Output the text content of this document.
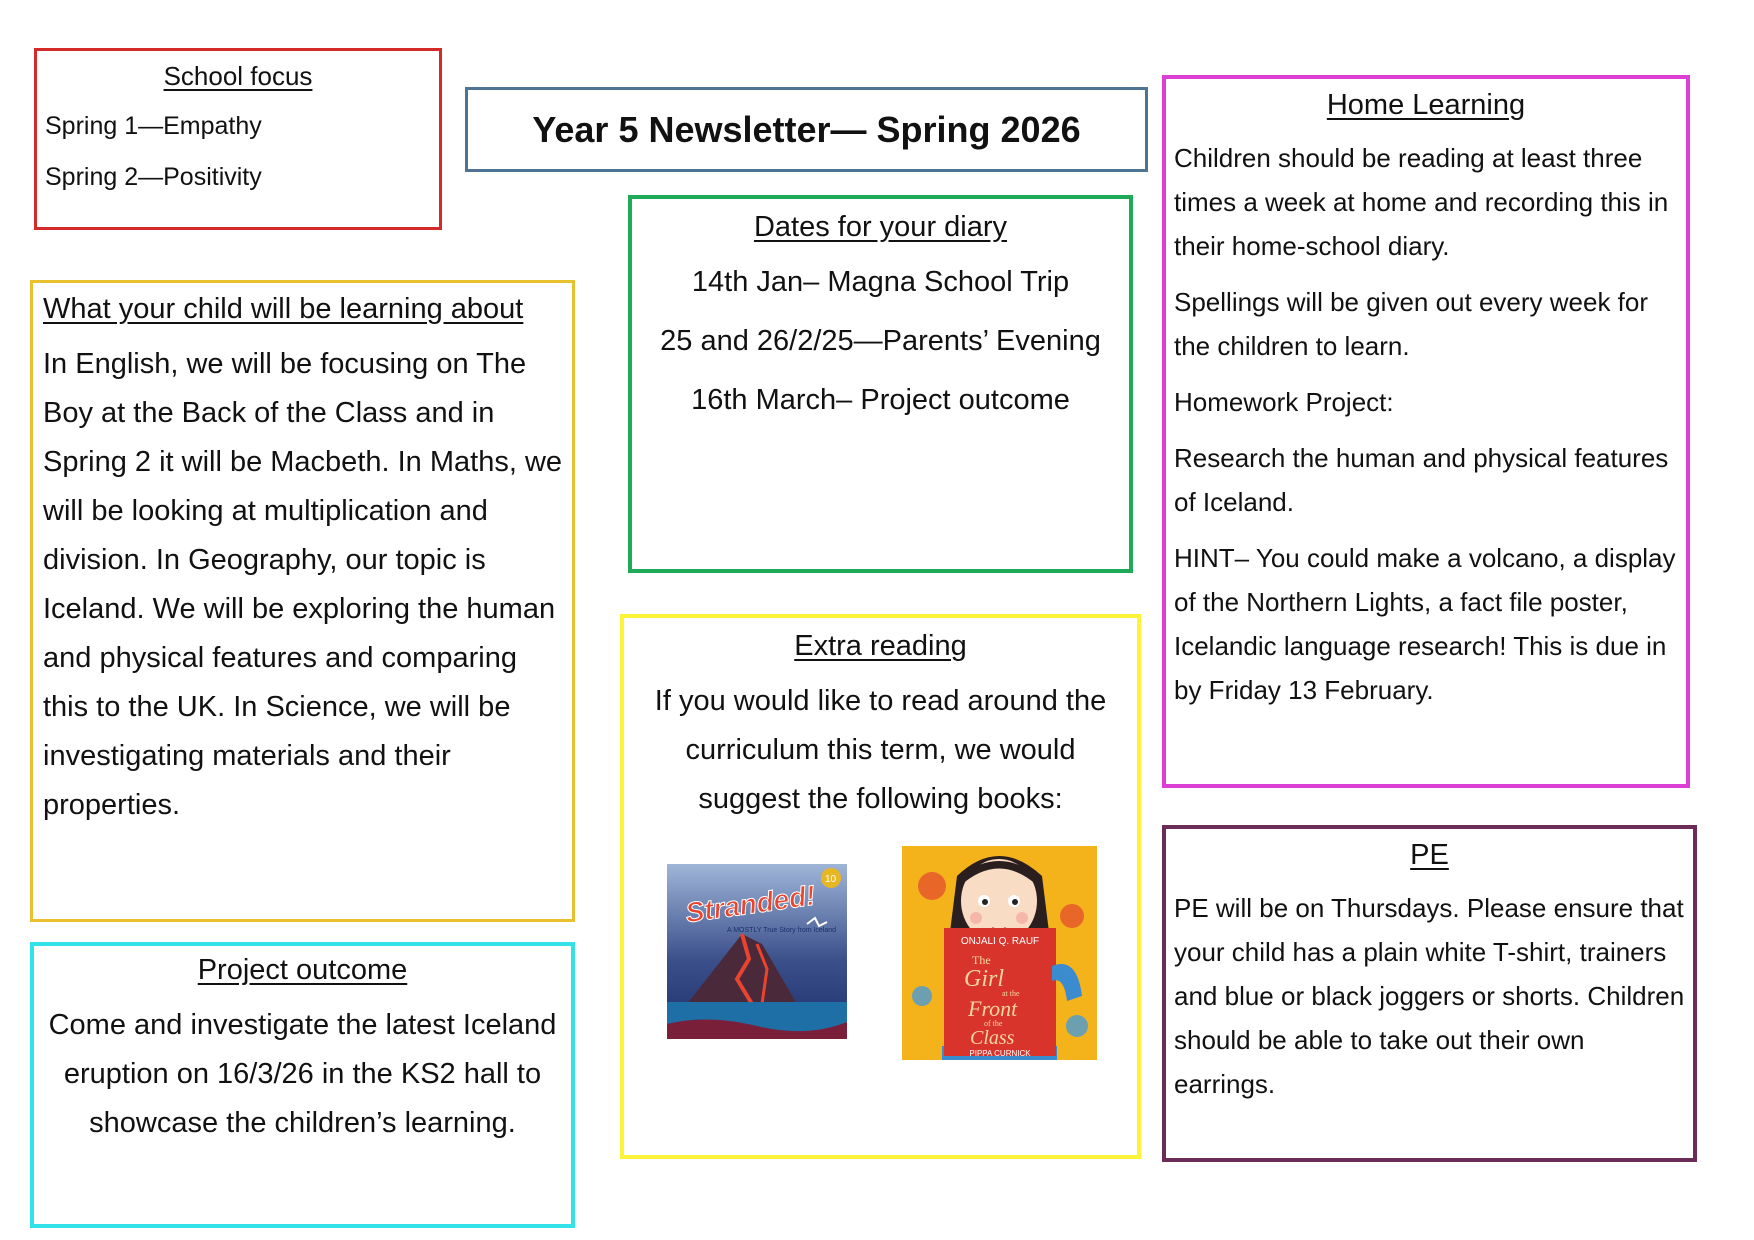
School focus

Spring 1—Empathy

Spring 2—Positivity

Year 5 Newsletter— Spring 2026

What your child will be learning about

In English, we will be focusing on The Boy at the Back of the Class and in Spring 2 it will be Macbeth. In Maths, we will be looking at multiplication and division. In Geography, our topic is Iceland. We will be exploring the human and physical features and comparing this to the UK. In Science, we will be investigating materials and their properties.

Project outcome

Come and investigate the latest Iceland eruption on 16/3/26 in the KS2 hall to showcase the children’s learning.

Dates for your diary

14th Jan– Magna School Trip

25 and 26/2/25—Parents’ Evening

16th March– Project outcome

Extra reading

If you would like to read around the curriculum this term, we would suggest the following books:

Stranded!
A MOSTLY True Story from Iceland
10
ONJALI Q. RAUF
The
Girl
at the
Front
of the
Class
PIPPA CURNICK

Home Learning

Children should be reading at least three times a week at home and recording this in their home-school diary.

Spellings will be given out every week for the children to learn.

Homework Project:

Research the human and physical features of Iceland.

HINT– You could make a volcano, a display of the Northern Lights, a fact file poster, Icelandic language research! This is due in by Friday 13 February.

PE

PE will be on Thursdays. Please ensure that your child has a plain white T-shirt, trainers and blue or black joggers or shorts. Children should be able to take out their own earrings.
